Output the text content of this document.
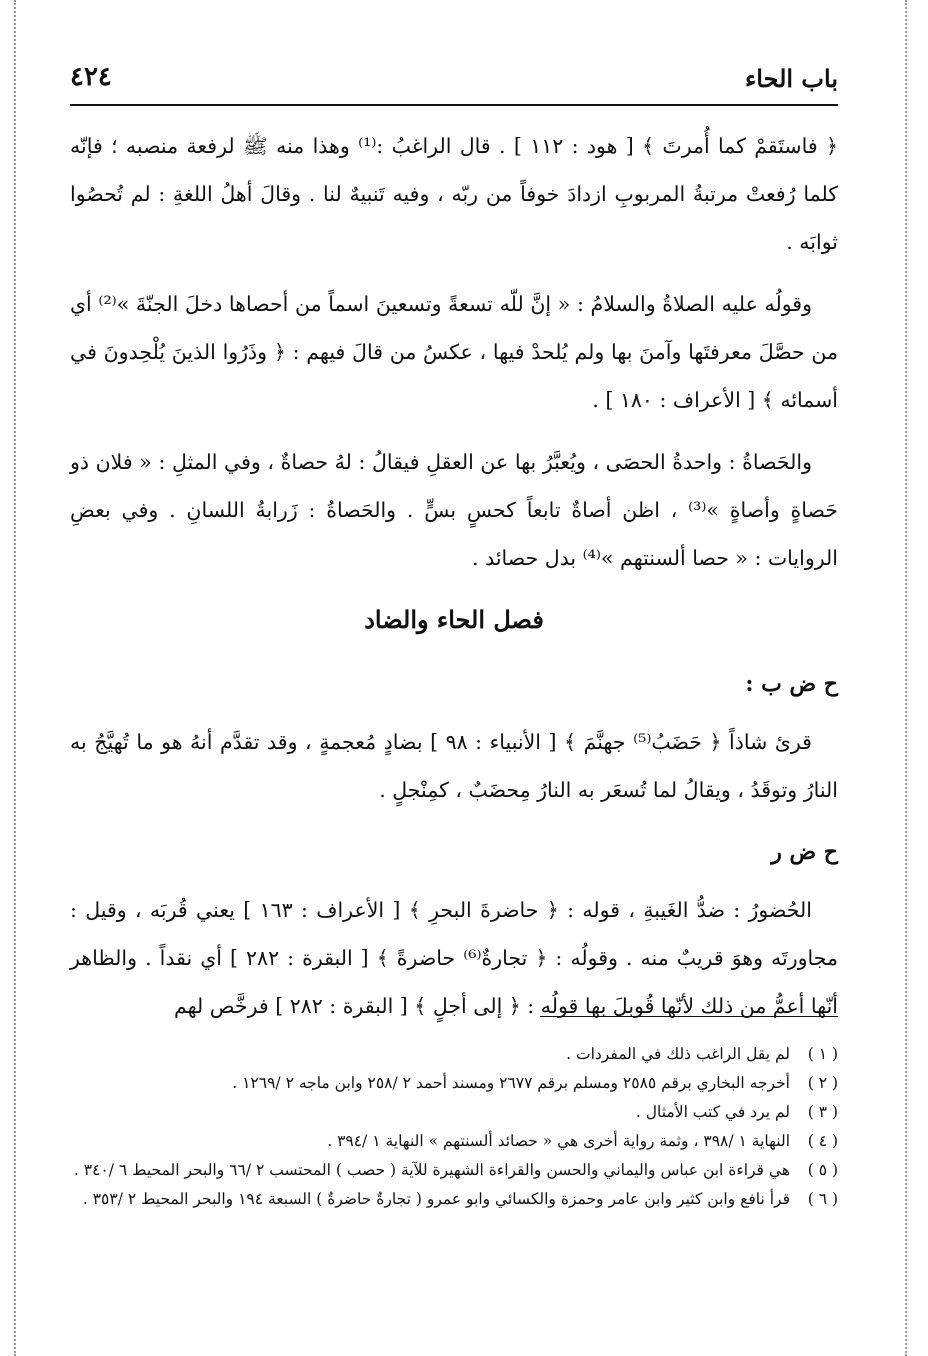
باب الحاء
٤٢٤

﴿ فاستَقمْ كما أُمرتَ ﴾ [ هود : ١١٢ ] . قال الراغبُ :⁽¹⁾ وهذا منه ﷺ لرفعة منصبه ؛ فإنّه كلما رُفعتْ مرتبةُ المربوبِ ازدادَ خوفاً من ربّه ، وفيه تَنبيهٌ لنا . وقالَ أهلُ اللغةِ : لم تُحصُوا ثوابَه .

وقولُه عليه الصلاةُ والسلامُ : « إنَّ للّه تسعةً وتسعينَ اسماً من أحصاها دخلَ الجنّةَ »⁽²⁾ أي من حصَّلَ معرفتَها وآمنَ بها ولم يُلحدْ فيها ، عكسُ من قالَ فيهم : ﴿ وذَرُوا الذينَ يُلْحِدونَ في أسمائه ﴾ [ الأعراف : ١٨٠ ] .

والحَصاةُ : واحدةُ الحصَى ، ويُعبَّرُ بها عن العقلِ فيقالُ : لهُ حصاةٌ ، وفي المثلِ : « فلان ذو حَصاةٍ وأصاةٍ »⁽³⁾ ، اظن أصاةٌ تابعاً كحسٍ بسٍّ . والحَصاةُ : زَرابةُ اللسانِ . وفي بعضِ الروايات : « حصا ألسنتهم »⁽⁴⁾ بدل حصائد .

فصل الحاء والضاد

ح ض ب :

قرئ شاذاً ﴿ حَضَبُ⁽⁵⁾ جهنَّمَ ﴾ [ الأنبياء : ٩٨ ] بضادٍ مُعجمةٍ ، وقد تقدَّم أنهُ هو ما تُهيَّجُ به النارُ وتوقَدُ ، ويقالُ لما تُسعَر به النارُ مِحضَبٌ ، كمِنْجلٍ .

ح ض ر

الحُضورُ : ضدُّ الغَيبةِ ، قوله : ﴿ حاضرةَ البحرِ ﴾ [ الأعراف : ١٦٣ ] يعني قُربَه ، وقيل : مجاورتَه وهوَ قريبٌ منه . وقولُه : ﴿ تجارةٌ⁽⁶⁾ حاضرةً ﴾ [ البقرة : ٢٨٢ ] أي نقداً . والظاهر أنّها أعمُّ من ذلك لأنّها قُوبلَ بها قولُه : ﴿ إلى أجلٍ ﴾ [ البقرة : ٢٨٢ ] فرخَّص لهم

( ١ )
لم يقل الراغب ذلك في المفردات .
( ٢ )
أخرجه البخاري برقم ٢٥٨٥ ومسلم برقم ٢٦٧٧ ومسند أحمد ٢ /٢٥٨ وابن ماجه ٢ /١٢٦٩ .
( ٣ )
لم يرد في كتب الأمثال .
( ٤ )
النهاية ١ /٣٩٨ ، وثمة رواية أخرى هي « حصائد ألسنتهم » النهاية ١ /٣٩٤ .
( ٥ )
هي قراءة ابن عباس واليماني والحسن والقراءة الشهيرة للآية ( حصب ) المحتسب ٢ /٦٦ والبحر المحيط ٦ /٣٤٠ .
( ٦ )
قرأ نافع وابن كثير وابن عامر وحمزة والكسائي وابو عمرو ( تجارةٌ حاضرةٌ ) السبعة ١٩٤ والبحر المحيط ٢ /٣٥٣ .
